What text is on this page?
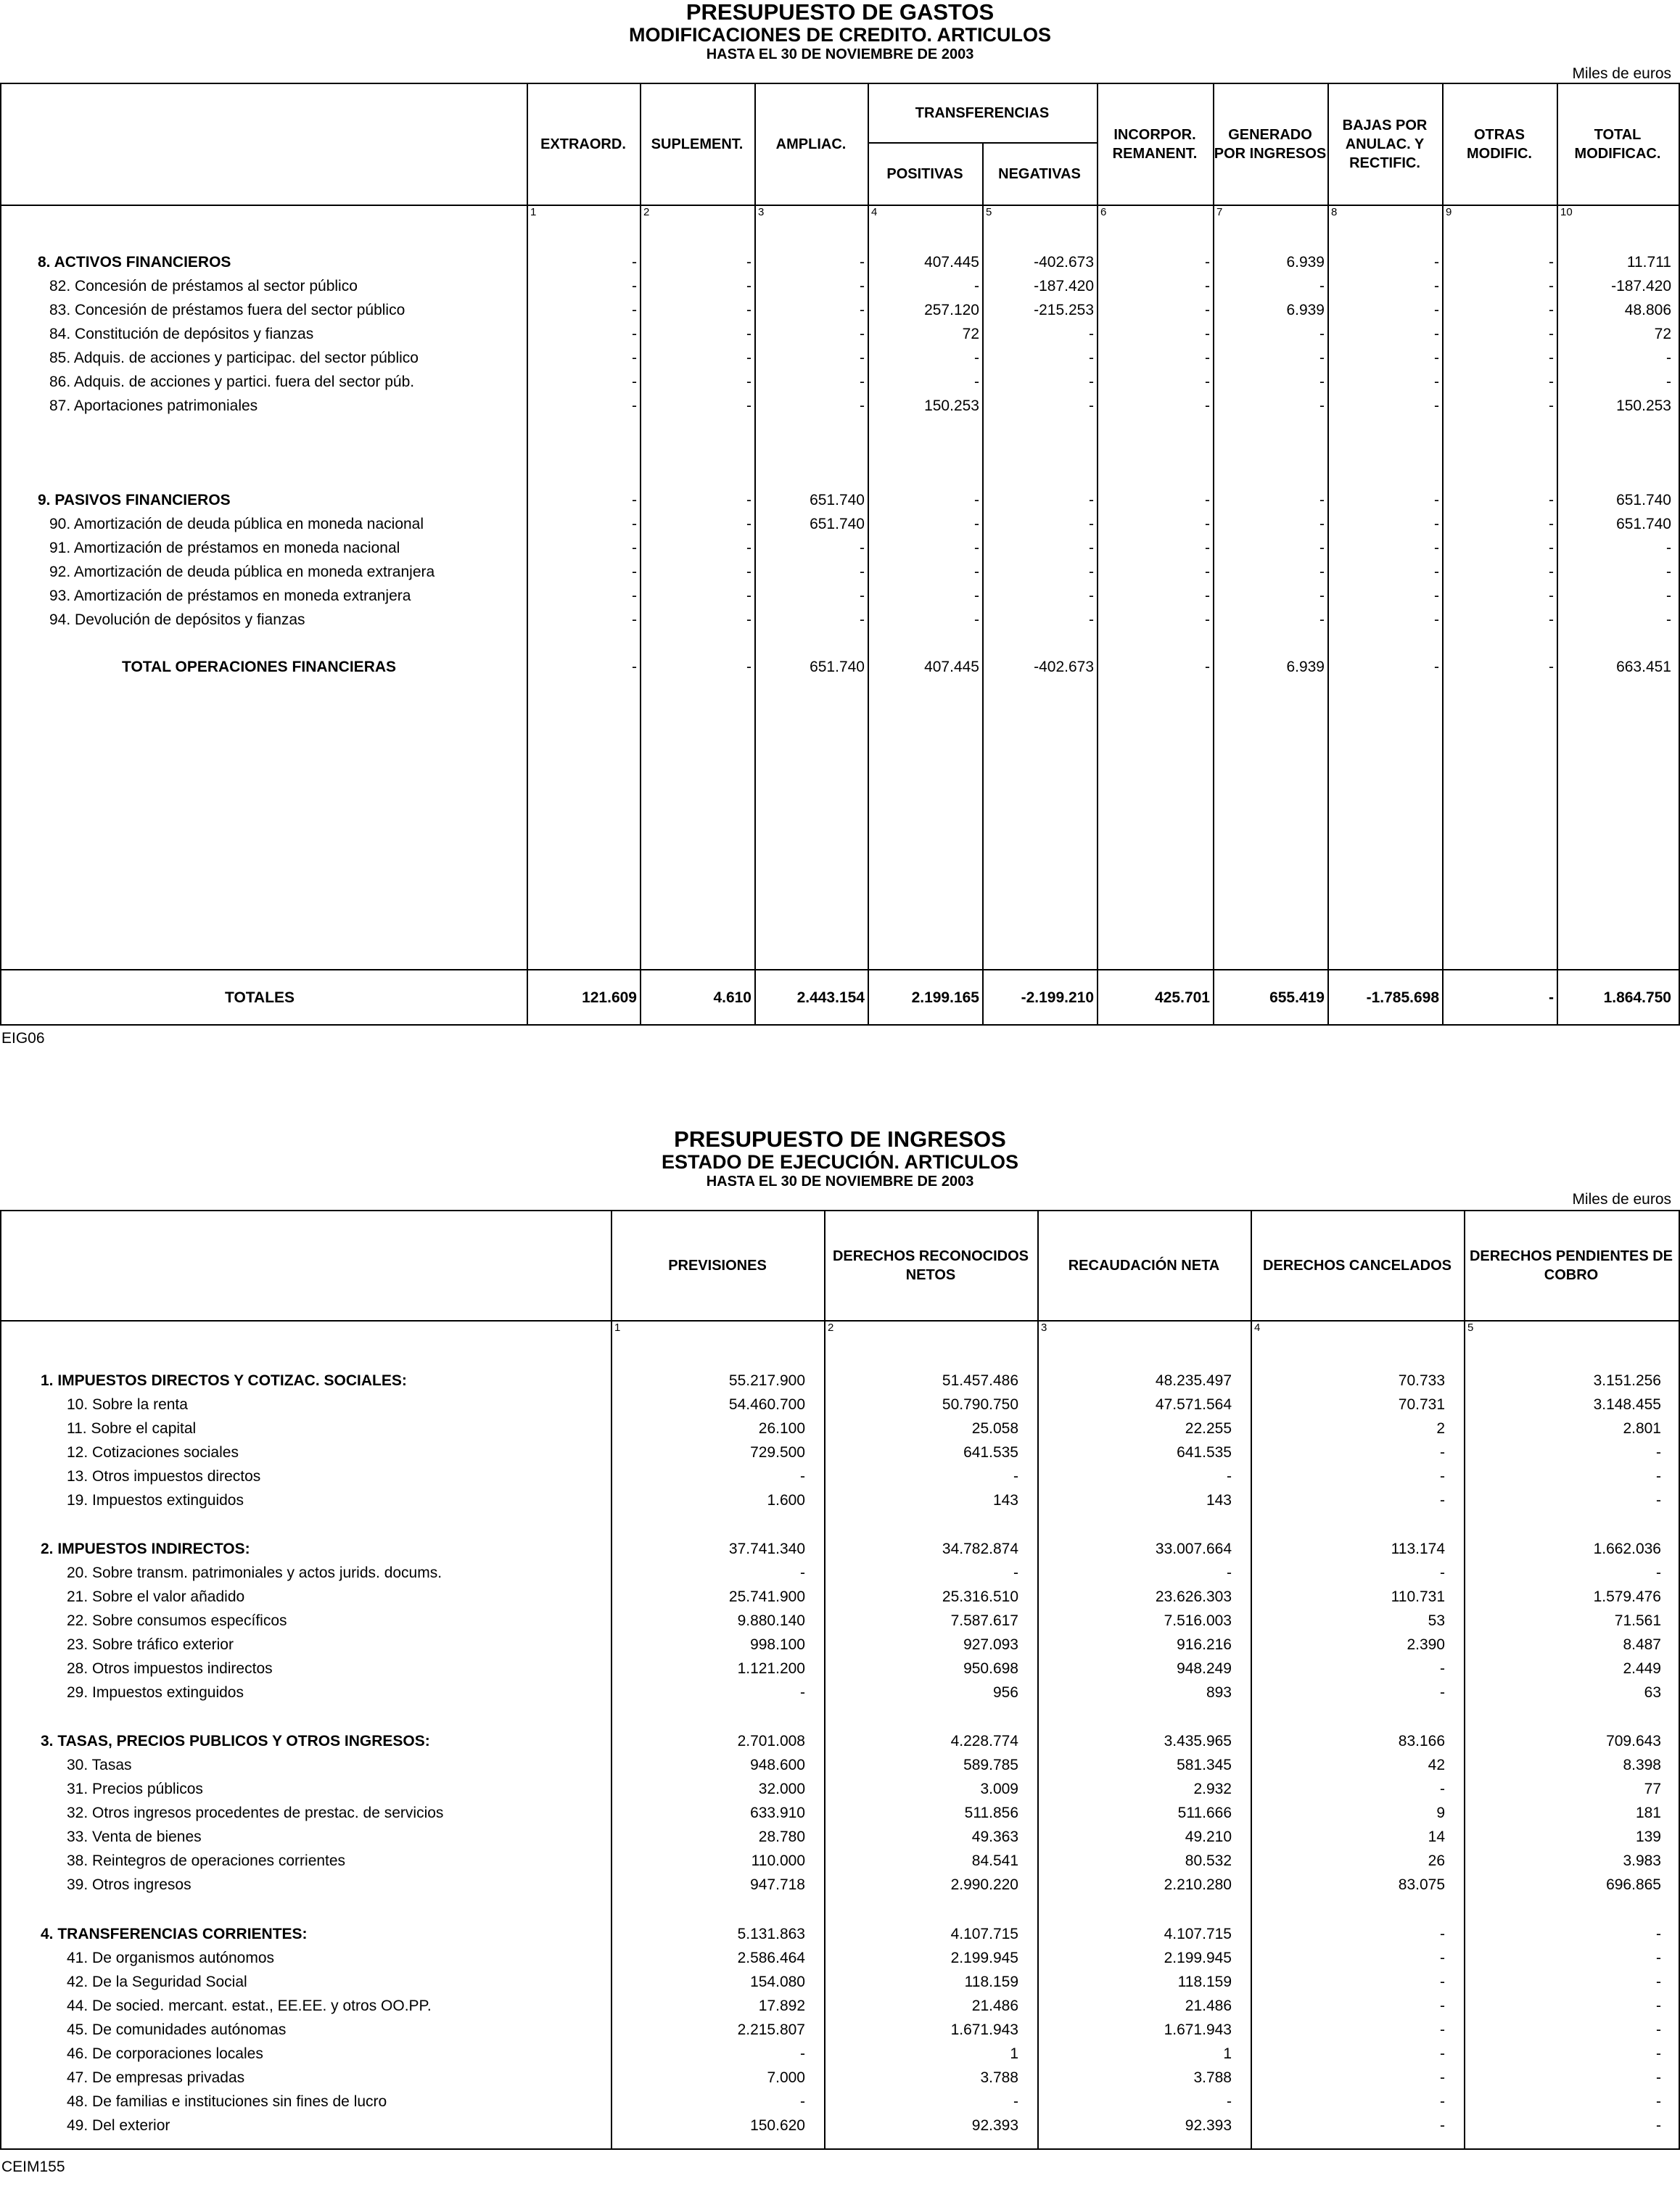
PRESUPUESTO DE GASTOS
MODIFICACIONES DE CREDITO. ARTICULOS
HASTA EL 30 DE NOVIEMBRE DE 2003
Miles de euros
EXTRAORD.	SUPLEMENT.	AMPLIAC.
TRANSFERENCIAS
POSITIVAS	NEGATIVAS
INCORPOR. REMANENT.
GENERADO POR INGRESOS
BAJAS POR ANULAC. Y RECTIFIC.
OTRAS MODIFIC.
TOTAL MODIFICAC.
1	2	3	4	5	6	7	8	9	10
8. ACTIVOS FINANCIEROS	-	-	-	407.445	-402.673	-	6.939	-	-	11.711
82. Concesión de préstamos al sector público	-	-	-	-	-187.420	-	-	-	-	-187.420
83. Concesión de préstamos fuera del sector público	-	-	-	257.120	-215.253	-	6.939	-	-	48.806
84. Constitución de depósitos y fianzas	-	-	-	72	-	-	-	-	-	72
85. Adquis. de acciones y participac. del sector público	-	-	-	-	-	-	-	-	-	-
86. Adquis. de acciones y partici. fuera del sector púb.	-	-	-	-	-	-	-	-	-	-
87. Aportaciones patrimoniales	-	-	-	150.253	-	-	-	-	-	150.253
9. PASIVOS FINANCIEROS	-	-	651.740	-	-	-	-	-	-	651.740
90. Amortización de deuda pública en moneda nacional	-	-	651.740	-	-	-	-	-	-	651.740
91. Amortización de préstamos en moneda nacional	-	-	-	-	-	-	-	-	-	-
92. Amortización de deuda pública en moneda extranjera	-	-	-	-	-	-	-	-	-	-
93. Amortización de préstamos en moneda extranjera	-	-	-	-	-	-	-	-	-	-
94. Devolución de depósitos y fianzas	-	-	-	-	-	-	-	-	-	-
TOTAL OPERACIONES FINANCIERAS	-	-	651.740	407.445	-402.673	-	6.939	-	-	663.451
TOTALES	121.609	4.610	2.443.154	2.199.165	-2.199.210	425.701	655.419	-1.785.698	-	1.864.750
EIG06
PRESUPUESTO DE INGRESOS
ESTADO DE EJECUCIÓN. ARTICULOS
HASTA EL 30 DE NOVIEMBRE DE 2003
Miles de euros
PREVISIONES
DERECHOS RECONOCIDOS NETOS
RECAUDACIÓN NETA	DERECHOS CANCELADOS
DERECHOS PENDIENTES DE COBRO
1	2	3	4	5
1. IMPUESTOS DIRECTOS Y COTIZAC. SOCIALES:	55.217.900	51.457.486	48.235.497	70.733	3.151.256
10. Sobre la renta	54.460.700	50.790.750	47.571.564	70.731	3.148.455
11. Sobre el capital	26.100	25.058	22.255	2	2.801
12. Cotizaciones sociales	729.500	641.535	641.535	-	-
13. Otros impuestos directos	-	-	-	-	-
19. Impuestos extinguidos	1.600	143	143	-	-
2. IMPUESTOS INDIRECTOS:	37.741.340	34.782.874	33.007.664	113.174	1.662.036
20. Sobre transm. patrimoniales y actos jurids. docums.	-	-	-	-	-
21. Sobre el valor añadido	25.741.900	25.316.510	23.626.303	110.731	1.579.476
22. Sobre consumos específicos	9.880.140	7.587.617	7.516.003	53	71.561
23. Sobre tráfico exterior	998.100	927.093	916.216	2.390	8.487
28. Otros impuestos indirectos	1.121.200	950.698	948.249	-	2.449
29. Impuestos extinguidos	-	956	893	-	63
3. TASAS, PRECIOS PUBLICOS Y OTROS INGRESOS:	2.701.008	4.228.774	3.435.965	83.166	709.643
30. Tasas	948.600	589.785	581.345	42	8.398
31. Precios públicos	32.000	3.009	2.932	-	77
32. Otros ingresos procedentes de prestac. de servicios	633.910	511.856	511.666	9	181
33. Venta de bienes	28.780	49.363	49.210	14	139
38. Reintegros de operaciones corrientes	110.000	84.541	80.532	26	3.983
39. Otros ingresos	947.718	2.990.220	2.210.280	83.075	696.865
4. TRANSFERENCIAS CORRIENTES:	5.131.863	4.107.715	4.107.715	-	-
41. De organismos autónomos	2.586.464	2.199.945	2.199.945	-	-
42. De la Seguridad Social	154.080	118.159	118.159	-	-
44. De socied. mercant. estat., EE.EE. y otros OO.PP.	17.892	21.486	21.486	-	-
45. De comunidades autónomas	2.215.807	1.671.943	1.671.943	-	-
46. De corporaciones locales	-	1	1	-	-
47. De empresas privadas	7.000	3.788	3.788	-	-
48. De familias e instituciones sin fines de lucro	-	-	-	-	-
49. Del exterior	150.620	92.393	92.393	-	-
CEIM155
